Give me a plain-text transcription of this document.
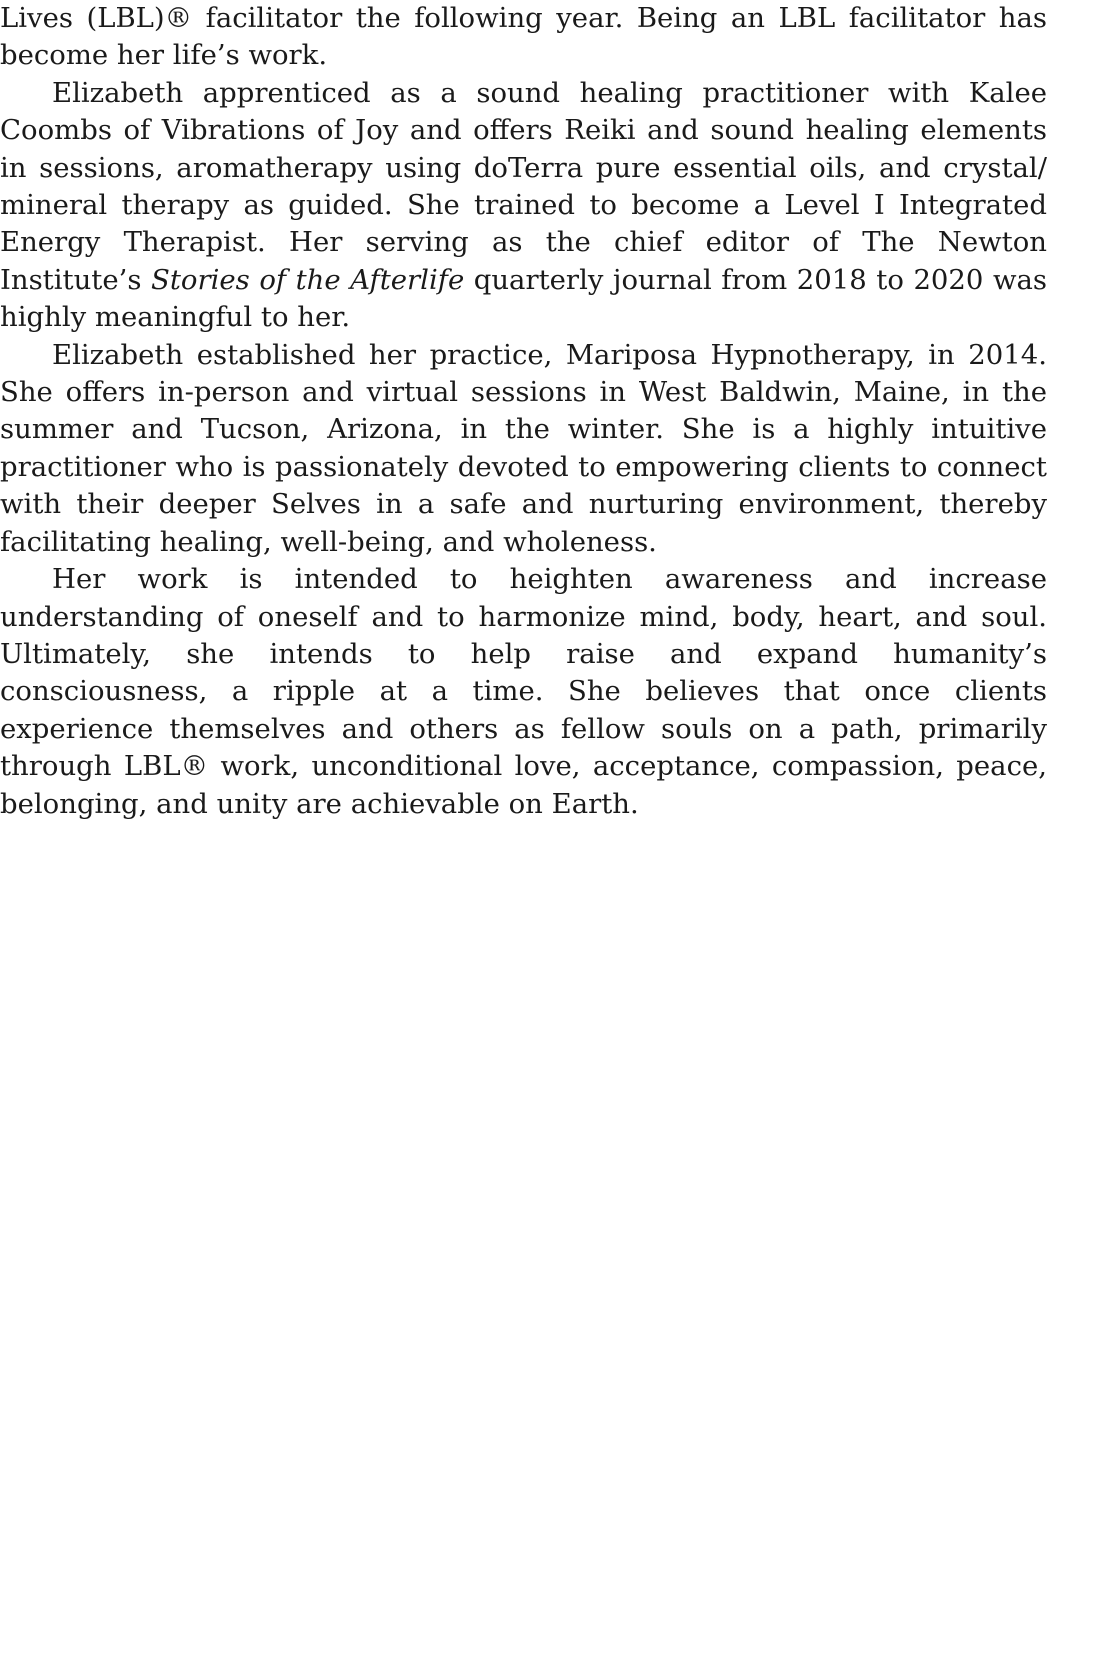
Lives (LBL)® facilitator the following year. Being an LBL facilitator has become her life’s work.

Elizabeth apprenticed as a sound healing practitioner with Kalee Coombs of Vibrations of Joy and offers Reiki and sound healing elements in sessions, aromatherapy using doTerra pure essential oils, and crystal/ mineral therapy as guided. She trained to become a Level I Integrated Energy Therapist. Her serving as the chief editor of The Newton Institute’s Stories of the Afterlife quarterly journal from 2018 to 2020 was highly meaningful to her.

Elizabeth established her practice, Mariposa Hypnotherapy, in 2014. She offers in-person and virtual sessions in West Baldwin, Maine, in the summer and Tucson, Arizona, in the winter. She is a highly intuitive practitioner who is passionately devoted to empowering clients to connect with their deeper Selves in a safe and nurturing environment, thereby facilitating healing, well-being, and wholeness.

Her work is intended to heighten awareness and increase understanding of oneself and to harmonize mind, body, heart, and soul. Ultimately, she intends to help raise and expand humanity’s consciousness, a ripple at a time. She believes that once clients experience themselves and others as fellow souls on a path, primarily through LBL® work, unconditional love, acceptance, compassion, peace, belonging, and unity are achievable on Earth.
